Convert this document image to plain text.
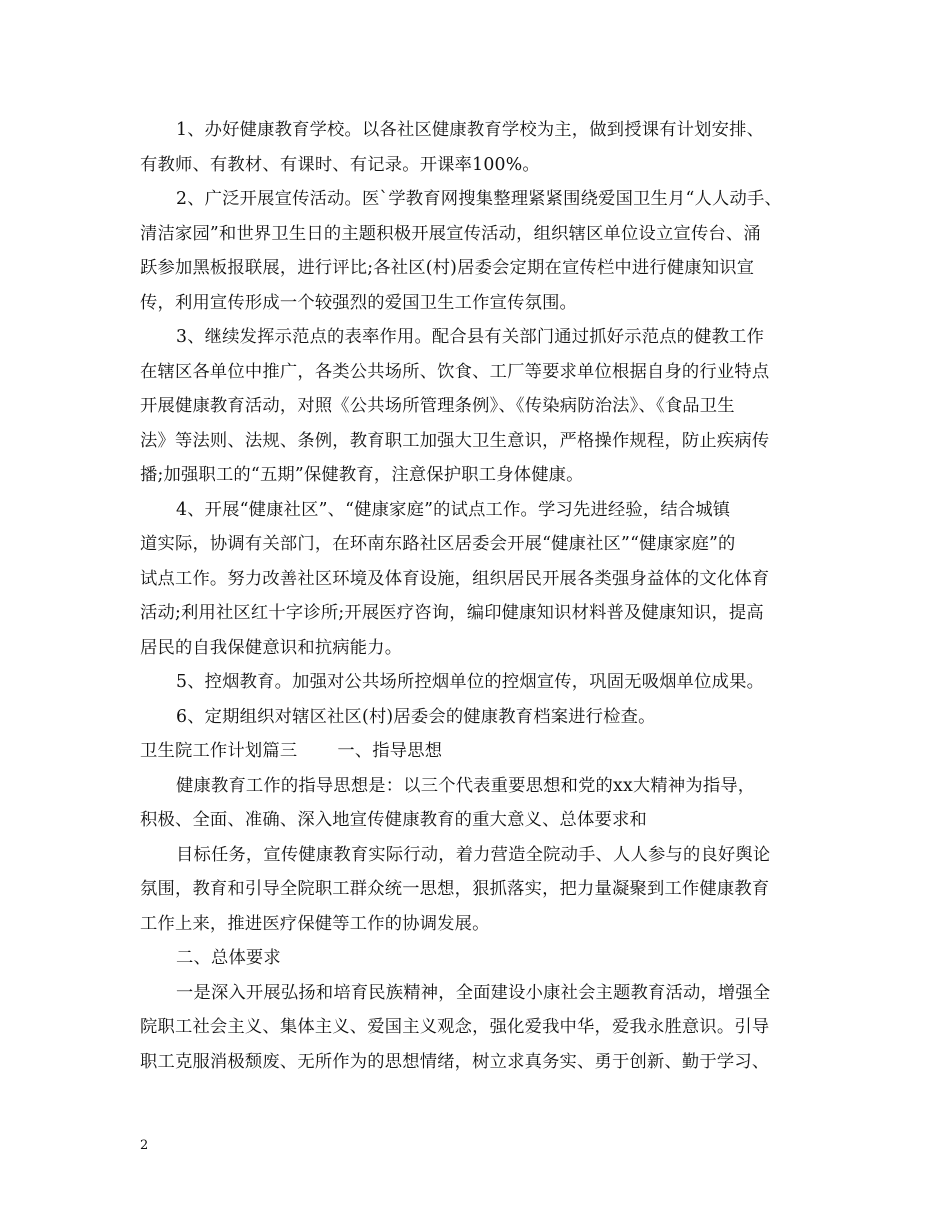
1、办好健康教育学校。以各社区健康教育学校为主，做到授课有计划安排、
有教师、有教材、有课时、有记录。开课率100%。
2、广泛开展宣传活动。医`学教育网搜集整理紧紧围绕爱国卫生月“人人动手、
清洁家园”和世界卫生日的主题积极开展宣传活动，组织辖区单位设立宣传台、涌
跃参加黑板报联展，进行评比;各社区(村)居委会定期在宣传栏中进行健康知识宣
传，利用宣传形成一个较强烈的爱国卫生工作宣传氛围。
3、继续发挥示范点的表率作用。配合县有关部门通过抓好示范点的健教工作
在辖区各单位中推广，各类公共场所、饮食、工厂等要求单位根据自身的行业特点
开展健康教育活动，对照《公共场所管理条例》、《传染病防治法》、《食品卫生
法》等法则、法规、条例，教育职工加强大卫生意识，严格操作规程，防止疾病传
播;加强职工的“五期”保健教育，注意保护职工身体健康。
4、开展“健康社区”、“健康家庭”的试点工作。学习先进经验，结合城镇
道实际，协调有关部门，在环南东路社区居委会开展“健康社区”“健康家庭”的
试点工作。努力改善社区环境及体育设施，组织居民开展各类强身益体的文化体育
活动;利用社区红十字诊所;开展医疗咨询，编印健康知识材料普及健康知识，提高
居民的自我保健意识和抗病能力。
5、控烟教育。加强对公共场所控烟单位的控烟宣传，巩固无吸烟单位成果。
6、定期组织对辖区社区(村)居委会的健康教育档案进行检查。
卫生院工作计划篇三 一、指导思想
健康教育工作的指导思想是：以三个代表重要思想和党的xx大精神为指导，
积极、全面、准确、深入地宣传健康教育的重大意义、总体要求和
目标任务，宣传健康教育实际行动，着力营造全院动手、人人参与的良好舆论
氛围，教育和引导全院职工群众统一思想，狠抓落实，把力量凝聚到工作健康教育
工作上来，推进医疗保健等工作的协调发展。
二、总体要求
一是深入开展弘扬和培育民族精神，全面建设小康社会主题教育活动，增强全
院职工社会主义、集体主义、爱国主义观念，强化爱我中华，爱我永胜意识。引导
职工克服消极颓废、无所作为的思想情绪，树立求真务实、勇于创新、勤于学习、
2
